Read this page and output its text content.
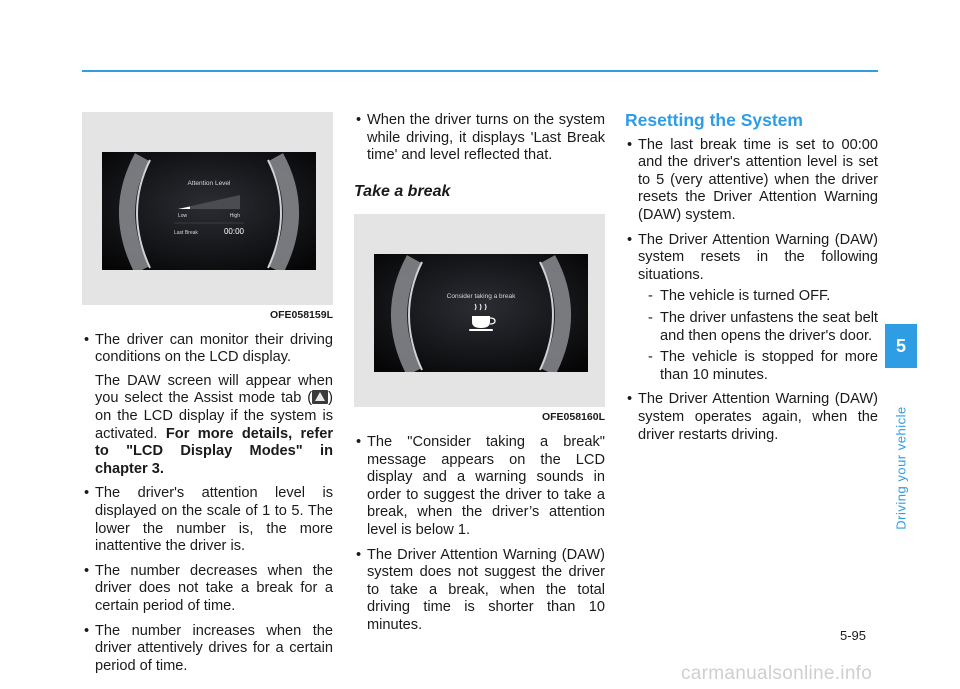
Attention Level
Low	High
Last Break	00:00
OFE058159L
• The driver can monitor their driving conditions on the LCD display.
The DAW screen will appear when you select the Assist mode tab ( ) on the LCD display if the system is activated. For more details, refer to "LCD Display Modes" in chapter 3.
• The driver's attention level is displayed on the scale of 1 to 5. The lower the number is, the more inattentive the driver is.
• The number decreases when the driver does not take a break for a certain period of time.
• The number increases when the driver attentively drives for a certain period of time.
• When the driver turns on the system while driving, it displays 'Last Break time' and level reflected that.
Take a break
Consider taking a break
OFE058160L
• The "Consider taking a break" message appears on the LCD display and a warning sounds in order to suggest the driver to take a break, when the driver’s attention level is below 1.
• The Driver Attention Warning (DAW) system does not suggest the driver to take a break, when the total driving time is shorter than 10 minutes.
Resetting the System
• The last break time is set to 00:00 and the driver's attention level is set to 5 (very attentive) when the driver resets the Driver Attention Warning (DAW) system.
• The Driver Attention Warning (DAW) system resets in the following situations.
- The vehicle is turned OFF.
- The driver unfastens the seat belt and then opens the driver's door.
- The vehicle is stopped for more than 10 minutes.
• The Driver Attention Warning (DAW) system operates again, when the driver restarts driving.
5
Driving your vehicle
5-95
carmanualsonline.info
